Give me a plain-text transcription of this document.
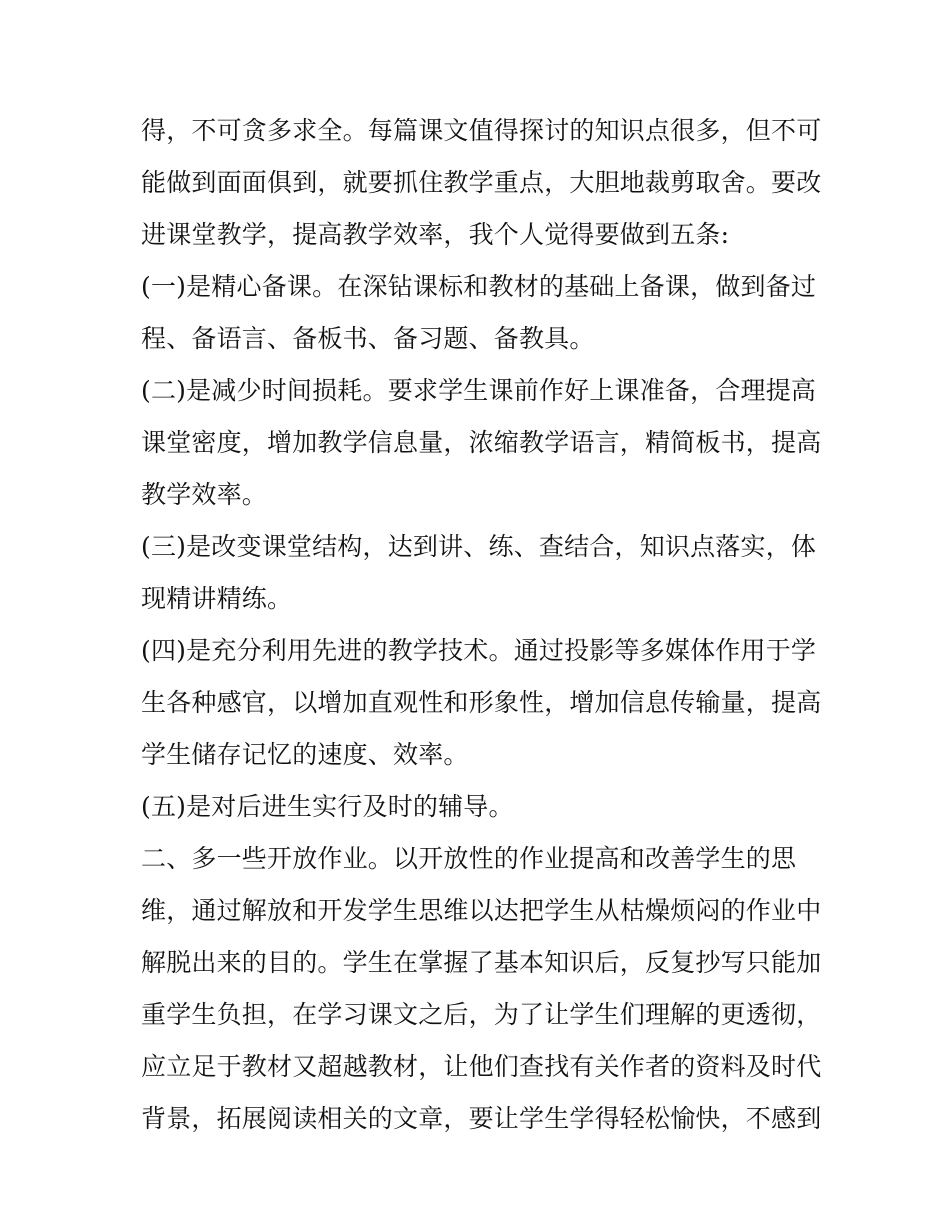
得，不可贪多求全。每篇课文值得探讨的知识点很多，但不可
能做到面面俱到，就要抓住教学重点，大胆地裁剪取舍。要改
进课堂教学，提高教学效率，我个人觉得要做到五条:
(一)是精心备课。在深钻课标和教材的基础上备课，做到备过
程、备语言、备板书、备习题、备教具。
(二)是减少时间损耗。要求学生课前作好上课准备，合理提高
课堂密度，增加教学信息量，浓缩教学语言，精简板书，提高
教学效率。
(三)是改变课堂结构，达到讲、练、查结合，知识点落实，体
现精讲精练。
(四)是充分利用先进的教学技术。通过投影等多媒体作用于学
生各种感官，以增加直观性和形象性，增加信息传输量，提高
学生储存记忆的速度、效率。
(五)是对后进生实行及时的辅导。
二、多一些开放作业。以开放性的作业提高和改善学生的思
维，通过解放和开发学生思维以达把学生从枯燥烦闷的作业中
解脱出来的目的。学生在掌握了基本知识后，反复抄写只能加
重学生负担，在学习课文之后，为了让学生们理解的更透彻，
应立足于教材又超越教材，让他们查找有关作者的资料及时代
背景，拓展阅读相关的文章，要让学生学得轻松愉快，不感到
